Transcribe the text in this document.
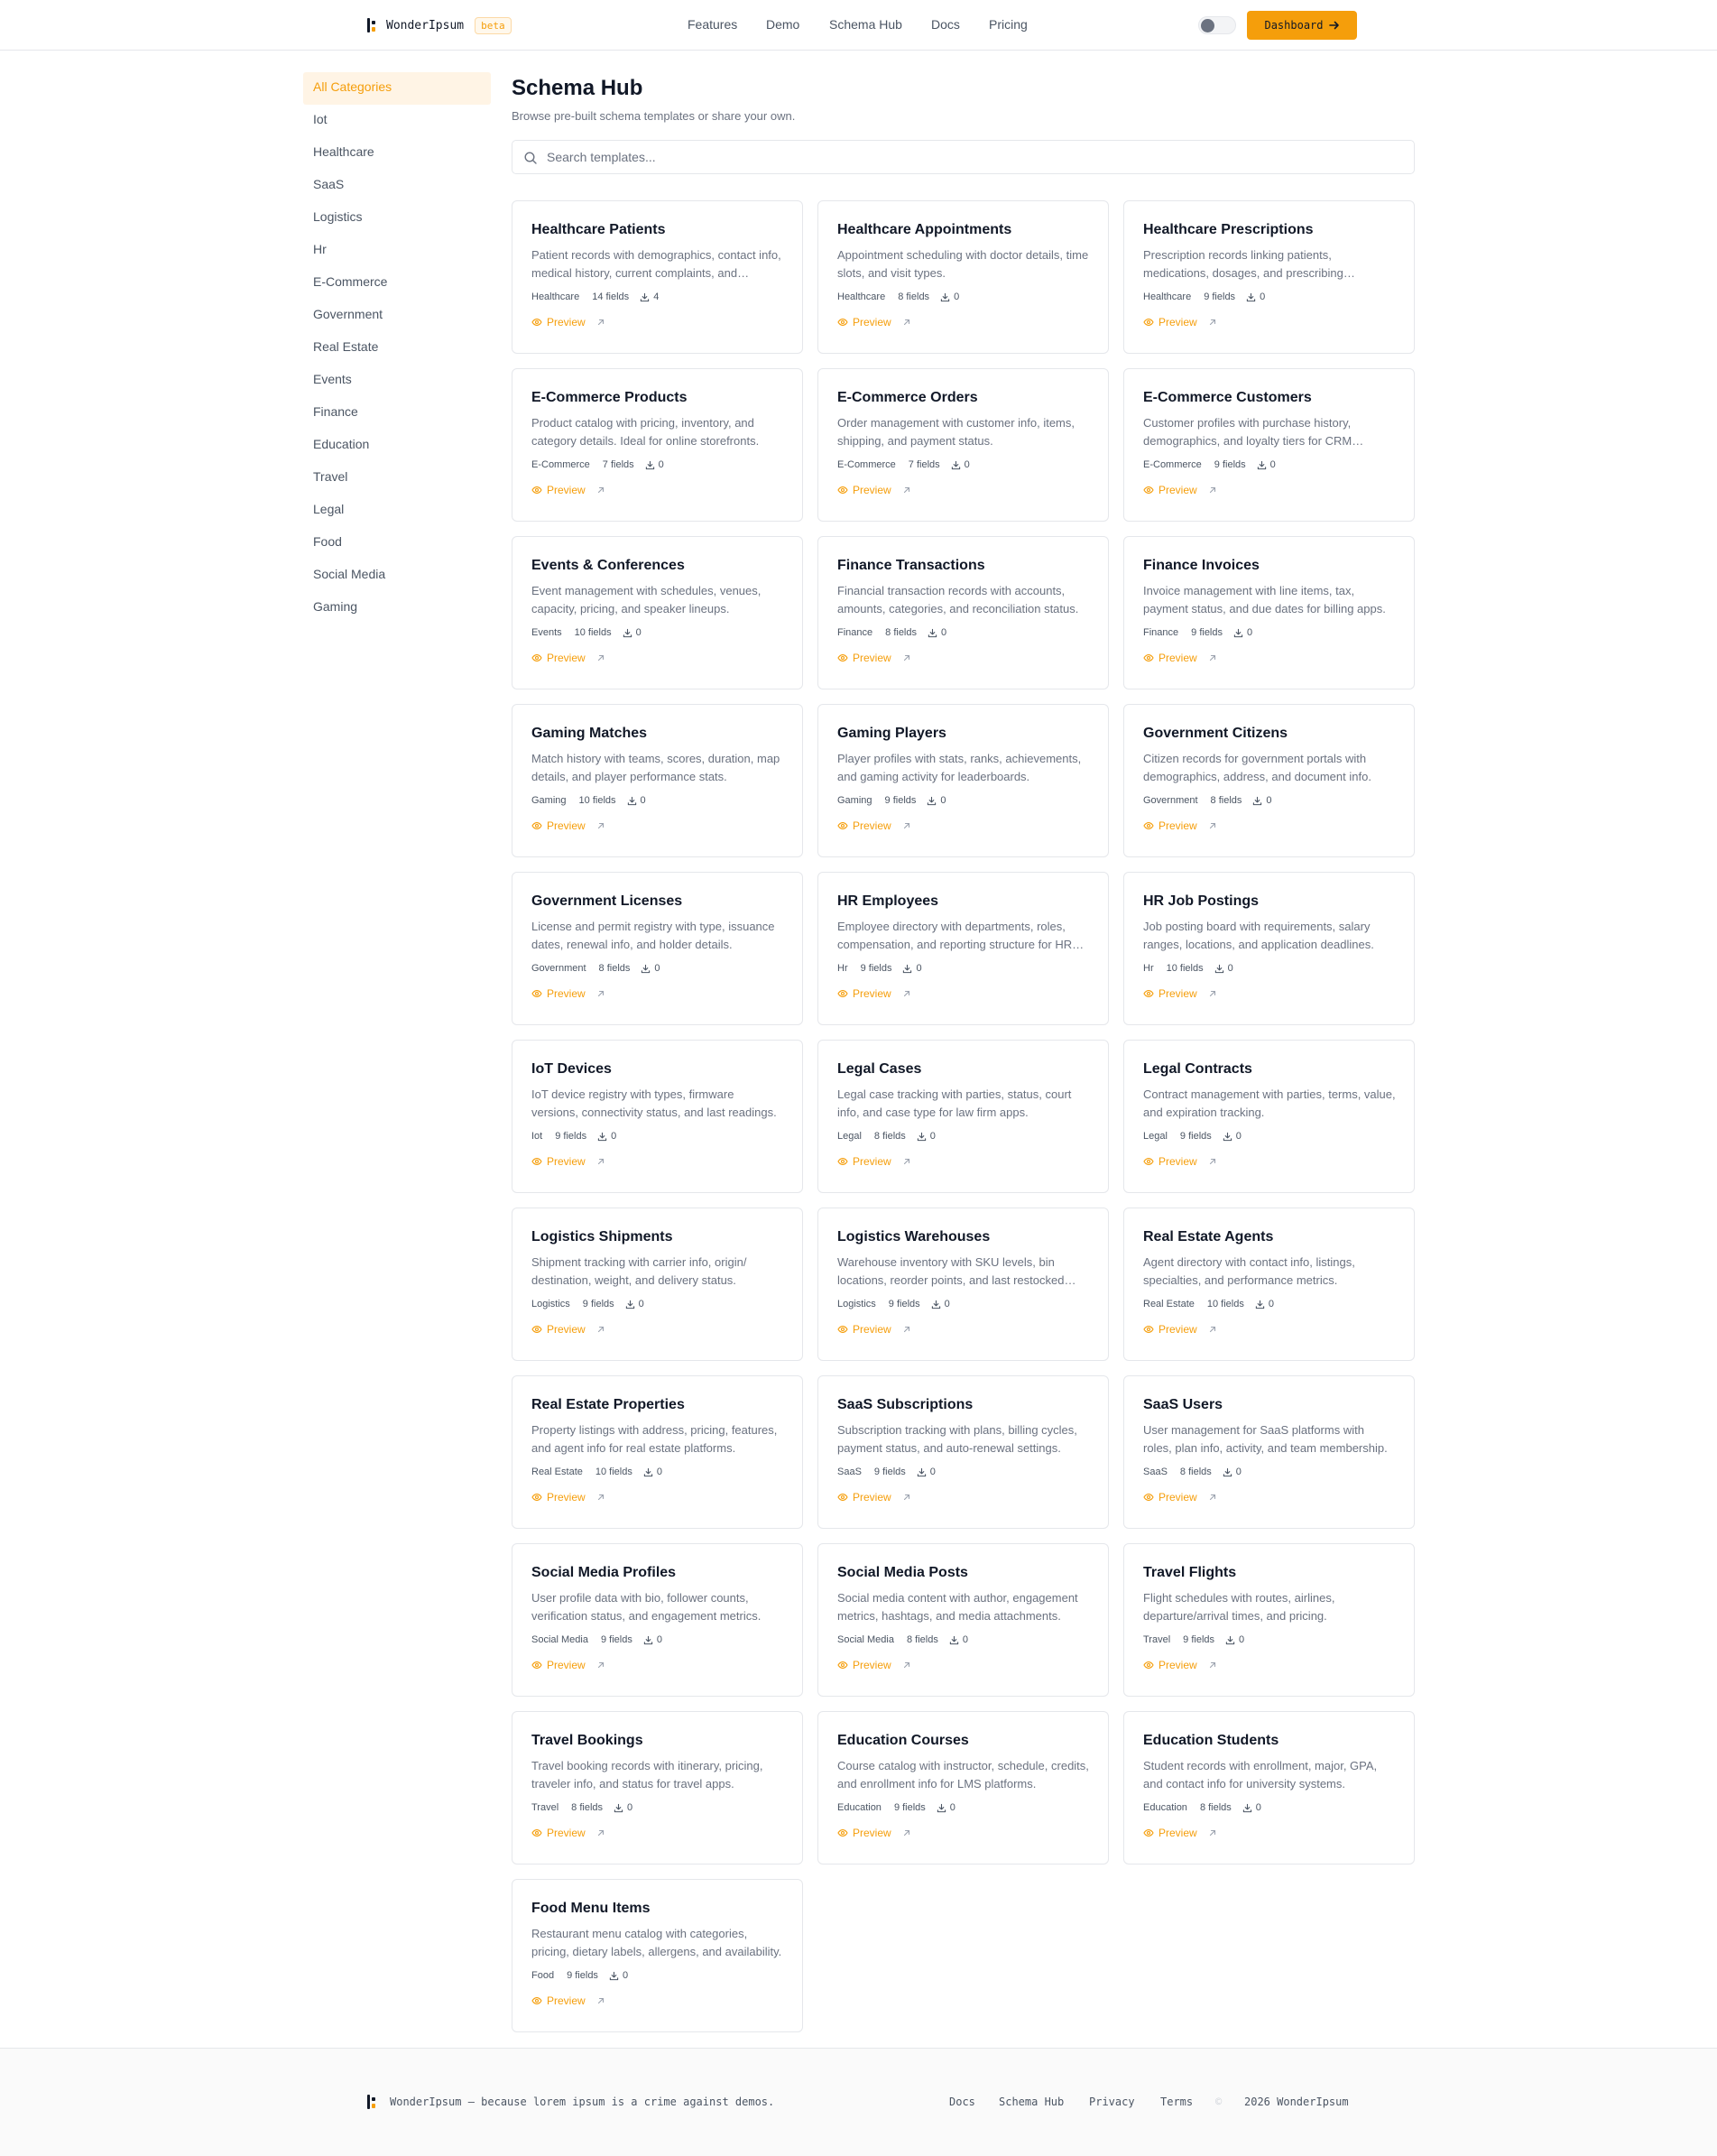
WonderIpsum	beta	Features Demo Schema Hub Docs Pricing	Dashboard
All Categories
Iot
Healthcare
SaaS
Logistics
Hr
E-Commerce
Government
Real Estate
Events
Finance
Education
Travel
Legal
Food
Social Media
Gaming
Schema Hub

Browse pre-built schema templates or share your own.

Search templates...
Healthcare Patients
Patient records with demographics, contact info, medical history, current complaints, and
Healthcare 14 fields 4
Preview
Healthcare Appointments
Appointment scheduling with doctor details, time slots, and visit types.
Healthcare 8 fields 0
Preview
Healthcare Prescriptions
Prescription records linking patients, medications, dosages, and prescribing
Healthcare 9 fields 0
Preview
E-Commerce Products
Product catalog with pricing, inventory, and category details. Ideal for online storefronts.
E-Commerce 7 fields 0
Preview
E-Commerce Orders
Order management with customer info, items, shipping, and payment status.
E-Commerce 7 fields 0
Preview
E-Commerce Customers
Customer profiles with purchase history, demographics, and loyalty tiers for CRM
E-Commerce 9 fields 0
Preview
Events & Conferences
Event management with schedules, venues, capacity, pricing, and speaker lineups.
Events 10 fields 0
Preview
Finance Transactions
Financial transaction records with accounts, amounts, categories, and reconciliation status.
Finance 8 fields 0
Preview
Finance Invoices
Invoice management with line items, tax, payment status, and due dates for billing apps.
Finance 9 fields 0
Preview
Gaming Matches
Match history with teams, scores, duration, map details, and player performance stats.
Gaming 10 fields 0
Preview
Gaming Players
Player profiles with stats, ranks, achievements, and gaming activity for leaderboards.
Gaming 9 fields 0
Preview
Government Citizens
Citizen records for government portals with demographics, address, and document info.
Government 8 fields 0
Preview
Government Licenses
License and permit registry with type, issuance dates, renewal info, and holder details.
Government 8 fields 0
Preview
HR Employees
Employee directory with departments, roles, compensation, and reporting structure for HR
Hr 9 fields 0
Preview
HR Job Postings
Job posting board with requirements, salary ranges, locations, and application deadlines.
Hr 10 fields 0
Preview
IoT Devices
IoT device registry with types, firmware versions, connectivity status, and last readings.
Iot 9 fields 0
Preview
Legal Cases
Legal case tracking with parties, status, court info, and case type for law firm apps.
Legal 8 fields 0
Preview
Legal Contracts
Contract management with parties, terms, value, and expiration tracking.
Legal 9 fields 0
Preview
Logistics Shipments
Shipment tracking with carrier info, origin/ destination, weight, and delivery status.
Logistics 9 fields 0
Preview
Logistics Warehouses
Warehouse inventory with SKU levels, bin locations, reorder points, and last restocked
Logistics 9 fields 0
Preview
Real Estate Agents
Agent directory with contact info, listings, specialties, and performance metrics.
Real Estate 10 fields 0
Preview
Real Estate Properties
Property listings with address, pricing, features, and agent info for real estate platforms.
Real Estate 10 fields 0
Preview
SaaS Subscriptions
Subscription tracking with plans, billing cycles, payment status, and auto-renewal settings.
SaaS 9 fields 0
Preview
SaaS Users
User management for SaaS platforms with roles, plan info, activity, and team membership.
SaaS 8 fields 0
Preview
Social Media Profiles
User profile data with bio, follower counts, verification status, and engagement metrics.
Social Media 9 fields 0
Preview
Social Media Posts
Social media content with author, engagement metrics, hashtags, and media attachments.
Social Media 8 fields 0
Preview
Travel Flights
Flight schedules with routes, airlines, departure/arrival times, and pricing.
Travel 9 fields 0
Preview
Travel Bookings
Travel booking records with itinerary, pricing, traveler info, and status for travel apps.
Travel 8 fields 0
Preview
Education Courses
Course catalog with instructor, schedule, credits, and enrollment info for LMS platforms.
Education 9 fields 0
Preview
Education Students
Student records with enrollment, major, GPA, and contact info for university systems.
Education 8 fields 0
Preview
Food Menu Items
Restaurant menu catalog with categories, pricing, dietary labels, allergens, and availability.
Food 9 fields 0
Preview
WonderIpsum — because lorem ipsum is a crime against demos.	Docs Schema Hub Privacy Terms © 2026 WonderIpsum
